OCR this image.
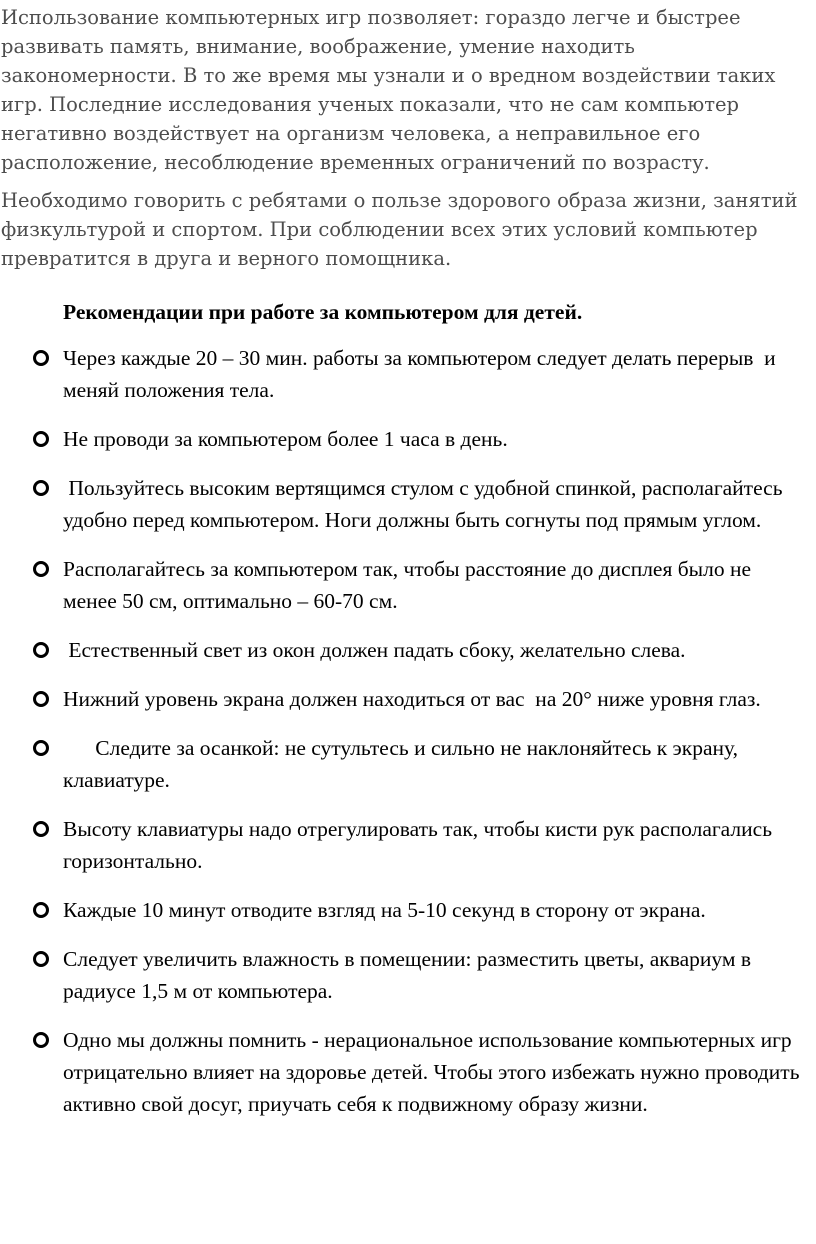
Использование компьютерных игр позволяет: гораздо легче и быстрее развивать память, внимание, воображение, умение находить закономерности. В то же время мы узнали и о вредном воздействии таких игр. Последние исследования ученых показали, что не сам компьютер негативно воздействует на организм человека, а неправильное его расположение, несоблюдение временных ограничений по возрасту.

Необходимо говорить с ребятами о пользе здорового образа жизни, занятий физкультурой и спортом. При соблюдении всех этих условий компьютер превратится в друга и верного помощника.

Рекомендации при работе за компьютером для детей.
Через каждые 20 – 30 мин. работы за компьютером следует делать перерыв  и меняй положения тела.
Не проводи за компьютером более 1 часа в день.
Пользуйтесь высоким вертящимся стулом с удобной спинкой, располагайтесь удобно перед компьютером. Ноги должны быть согнуты под прямым углом.
Располагайтесь за компьютером так, чтобы расстояние до дисплея было не менее 50 см, оптимально – 60-70 см.
Естественный свет из окон должен падать сбоку, желательно слева.
Нижний уровень экрана должен находиться от вас  на 20° ниже уровня глаз.
Следите за осанкой: не сутультесь и сильно не наклоняйтесь к экрану, клавиатуре.
Высоту клавиатуры надо отрегулировать так, чтобы кисти рук располагались горизонтально.
Каждые 10 минут отводите взгляд на 5-10 секунд в сторону от экрана.
Следует увеличить влажность в помещении: разместить цветы, аквариум в радиусе 1,5 м от компьютера.
Одно мы должны помнить - нерациональное использование компьютерных игр отрицательно влияет на здоровье детей. Чтобы этого избежать нужно проводить активно свой досуг, приучать себя к подвижному образу жизни.
